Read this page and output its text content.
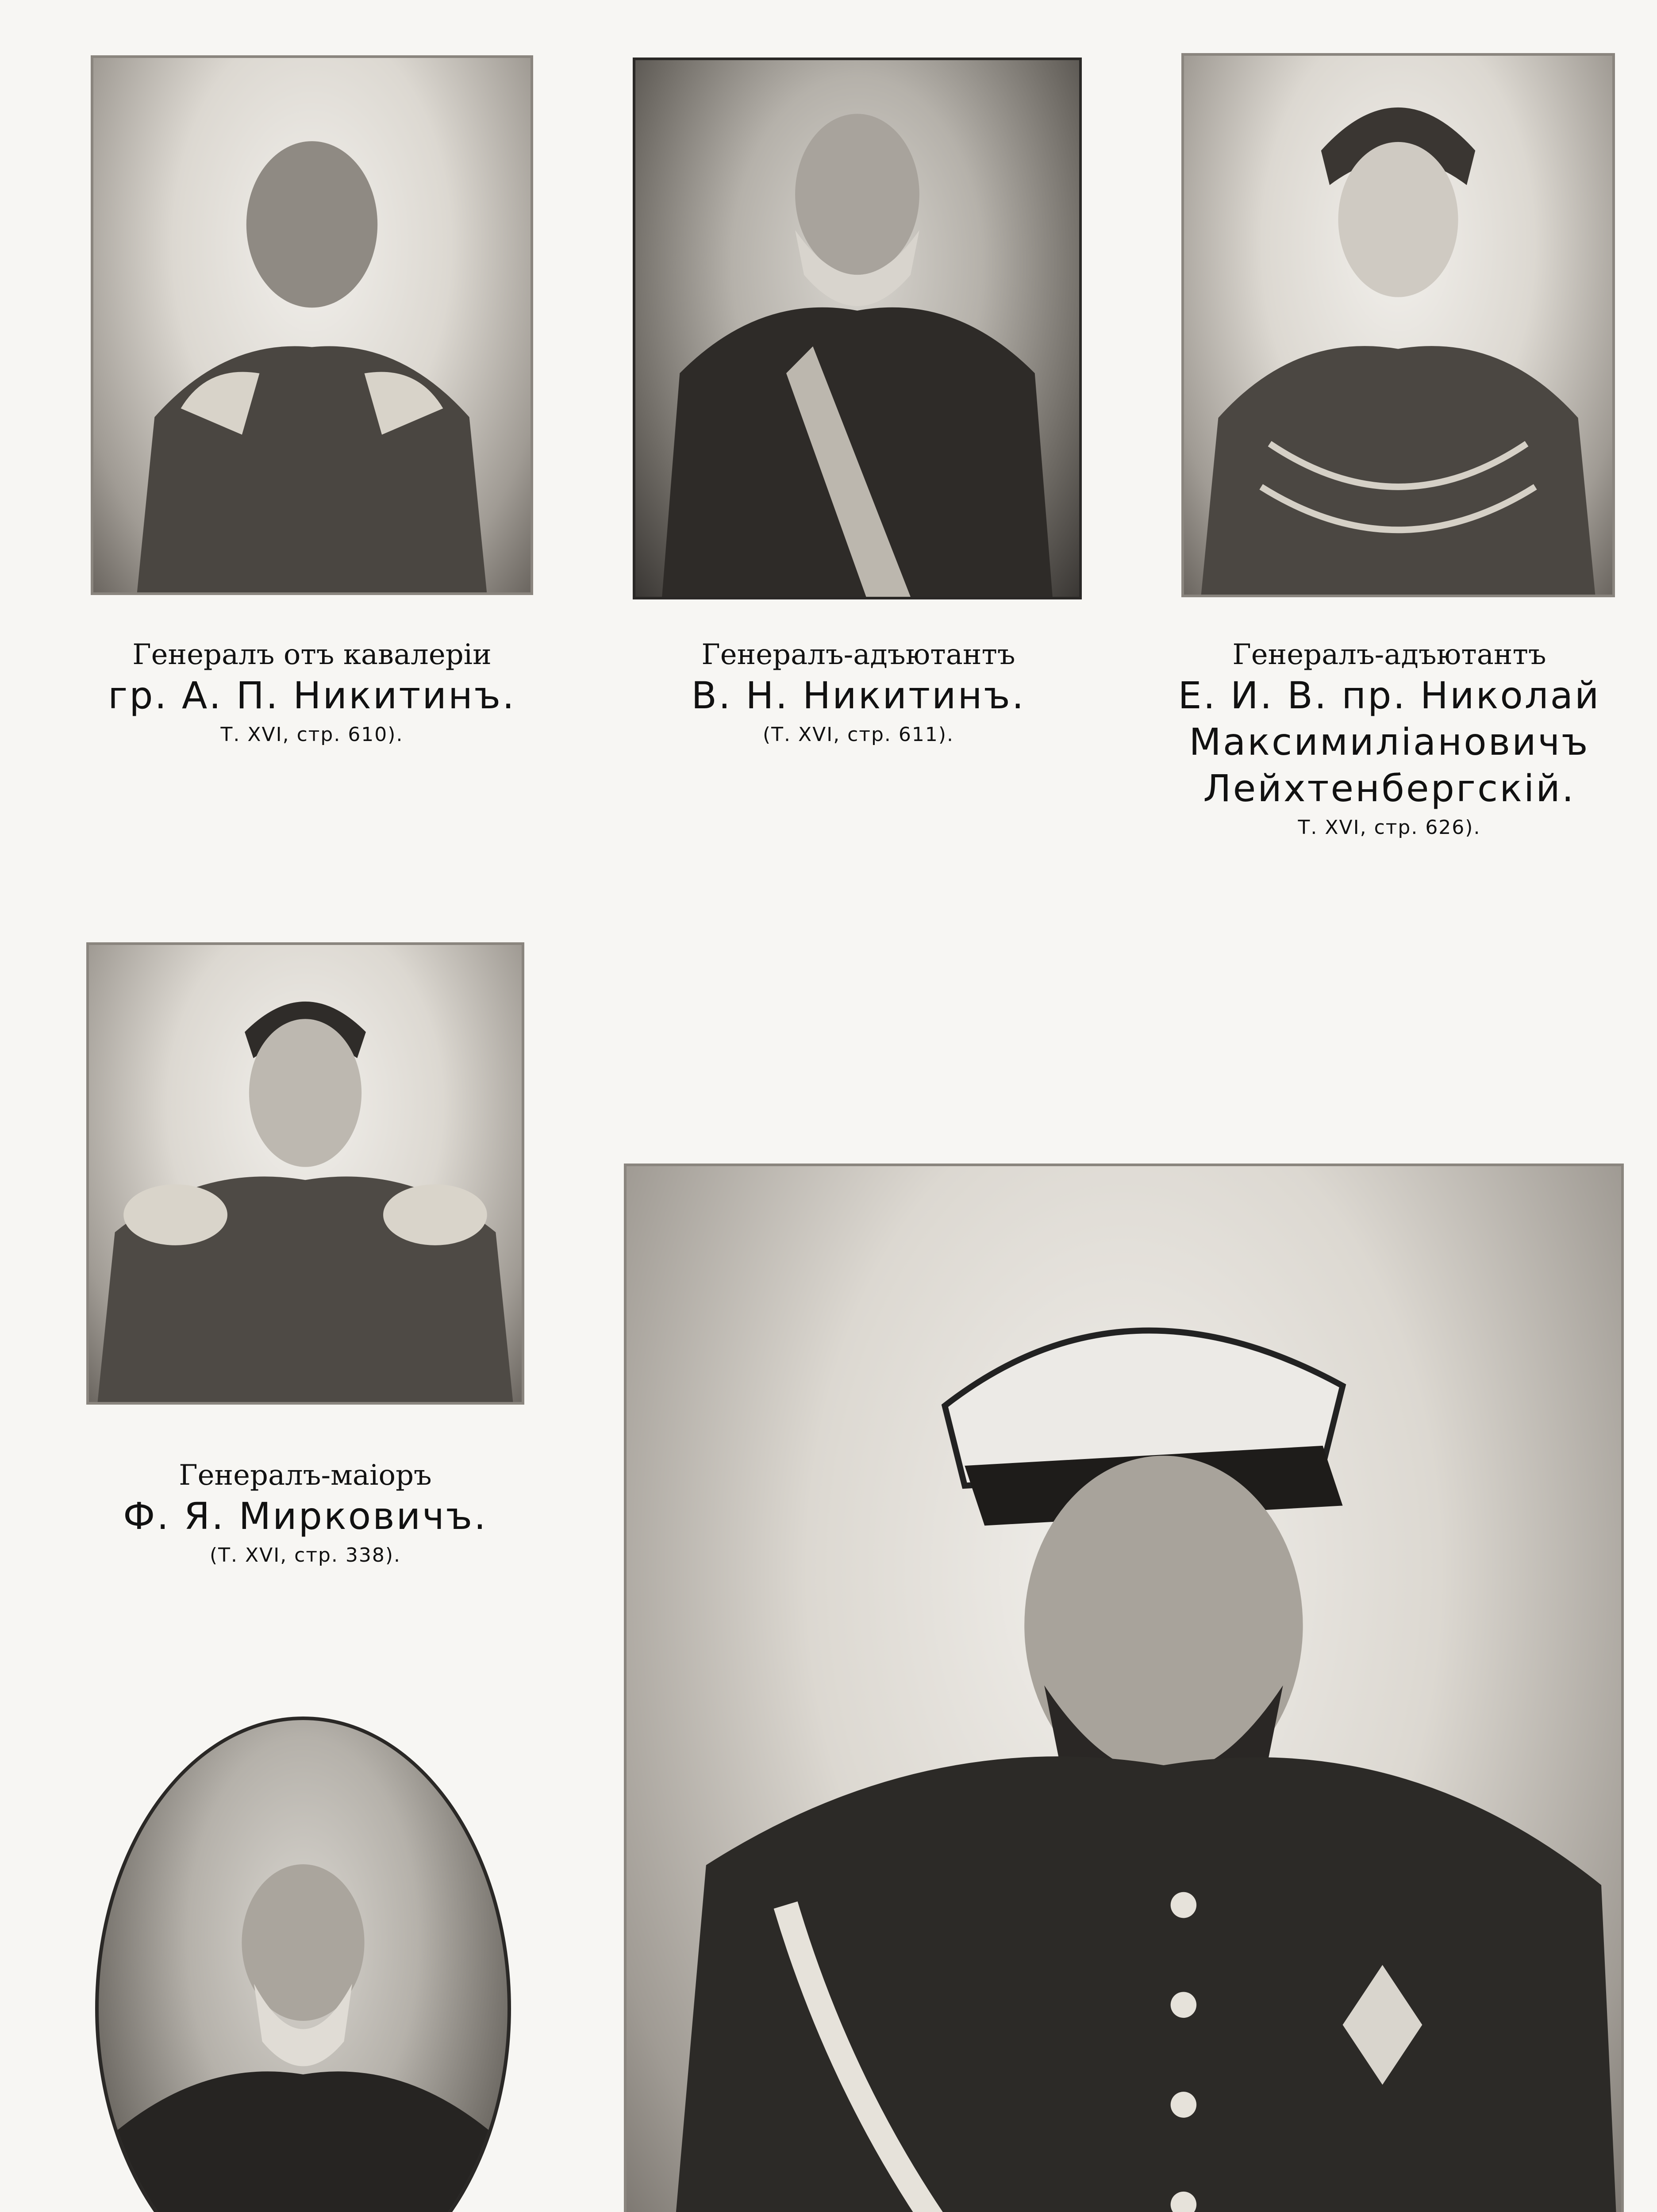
Генералъ отъ кавалеріи
гр. А. П. Никитинъ.
Т. XVI, стр. 610).
Генералъ-адъютантъ
В. Н. Никитинъ.
(Т. XVI, стр. 611).
Генералъ-адъютантъ
Е. И. В. пр. Николай
Максимиліановичъ
Лейхтенбергскій.
Т. XVI, стр. 626).
Генералъ-маіоръ
Ф. Я. Мирковичъ.
(Т. XVI, стр. 338).
